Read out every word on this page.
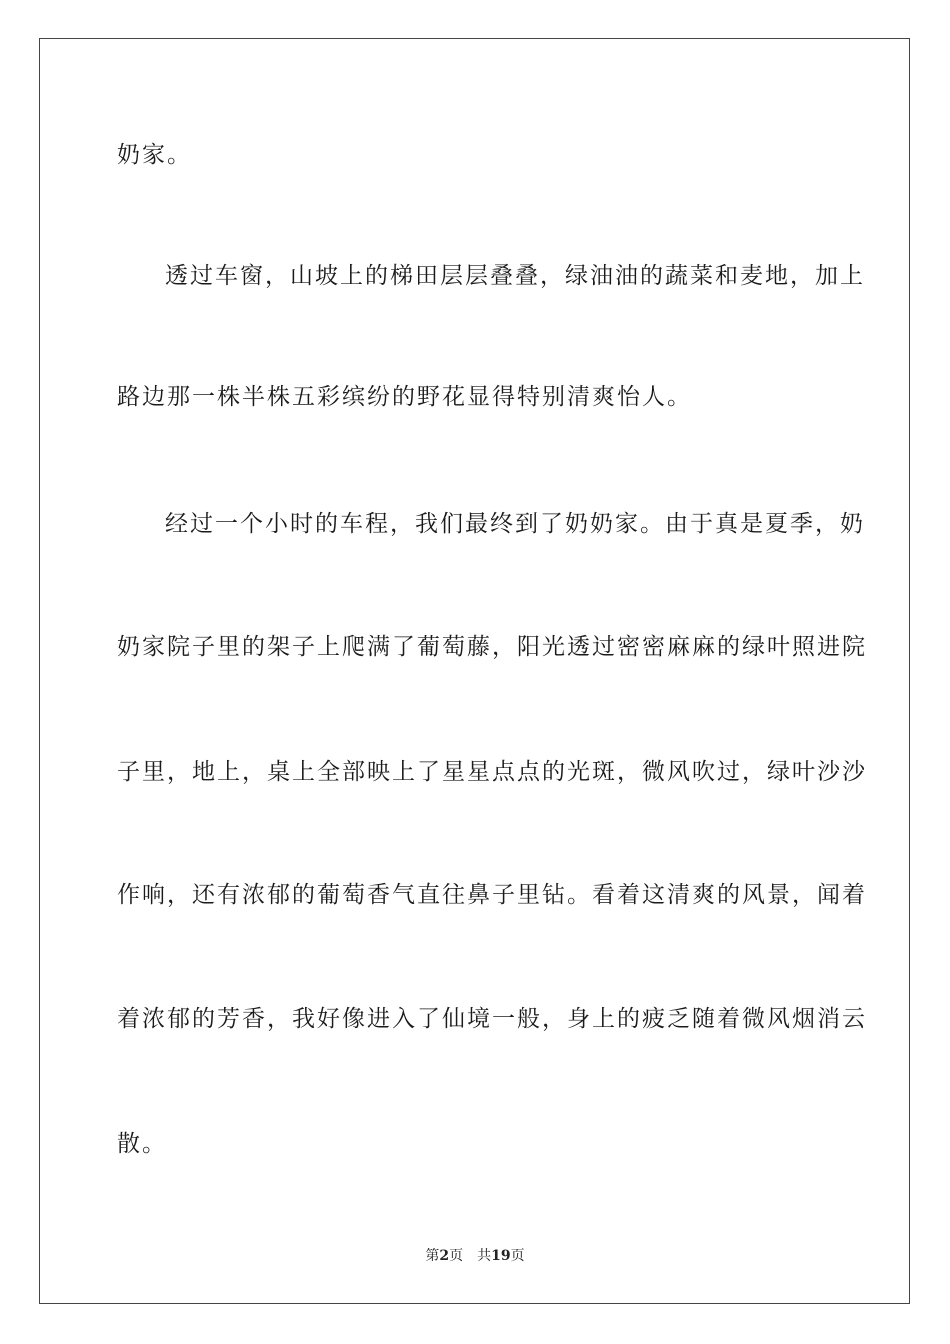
奶家。
透过车窗，山坡上的梯田层层叠叠，绿油油的蔬菜和麦地，加上
路边那一株半株五彩缤纷的野花显得特别清爽怡人。
经过一个小时的车程，我们最终到了奶奶家。由于真是夏季，奶
奶家院子里的架子上爬满了葡萄藤，阳光透过密密麻麻的绿叶照进院
子里，地上，桌上全部映上了星星点点的光斑，微风吹过，绿叶沙沙
作响，还有浓郁的葡萄香气直往鼻子里钻。看着这清爽的风景，闻着
着浓郁的芳香，我好像进入了仙境一般，身上的疲乏随着微风烟消云
散。
第2页 共19页
